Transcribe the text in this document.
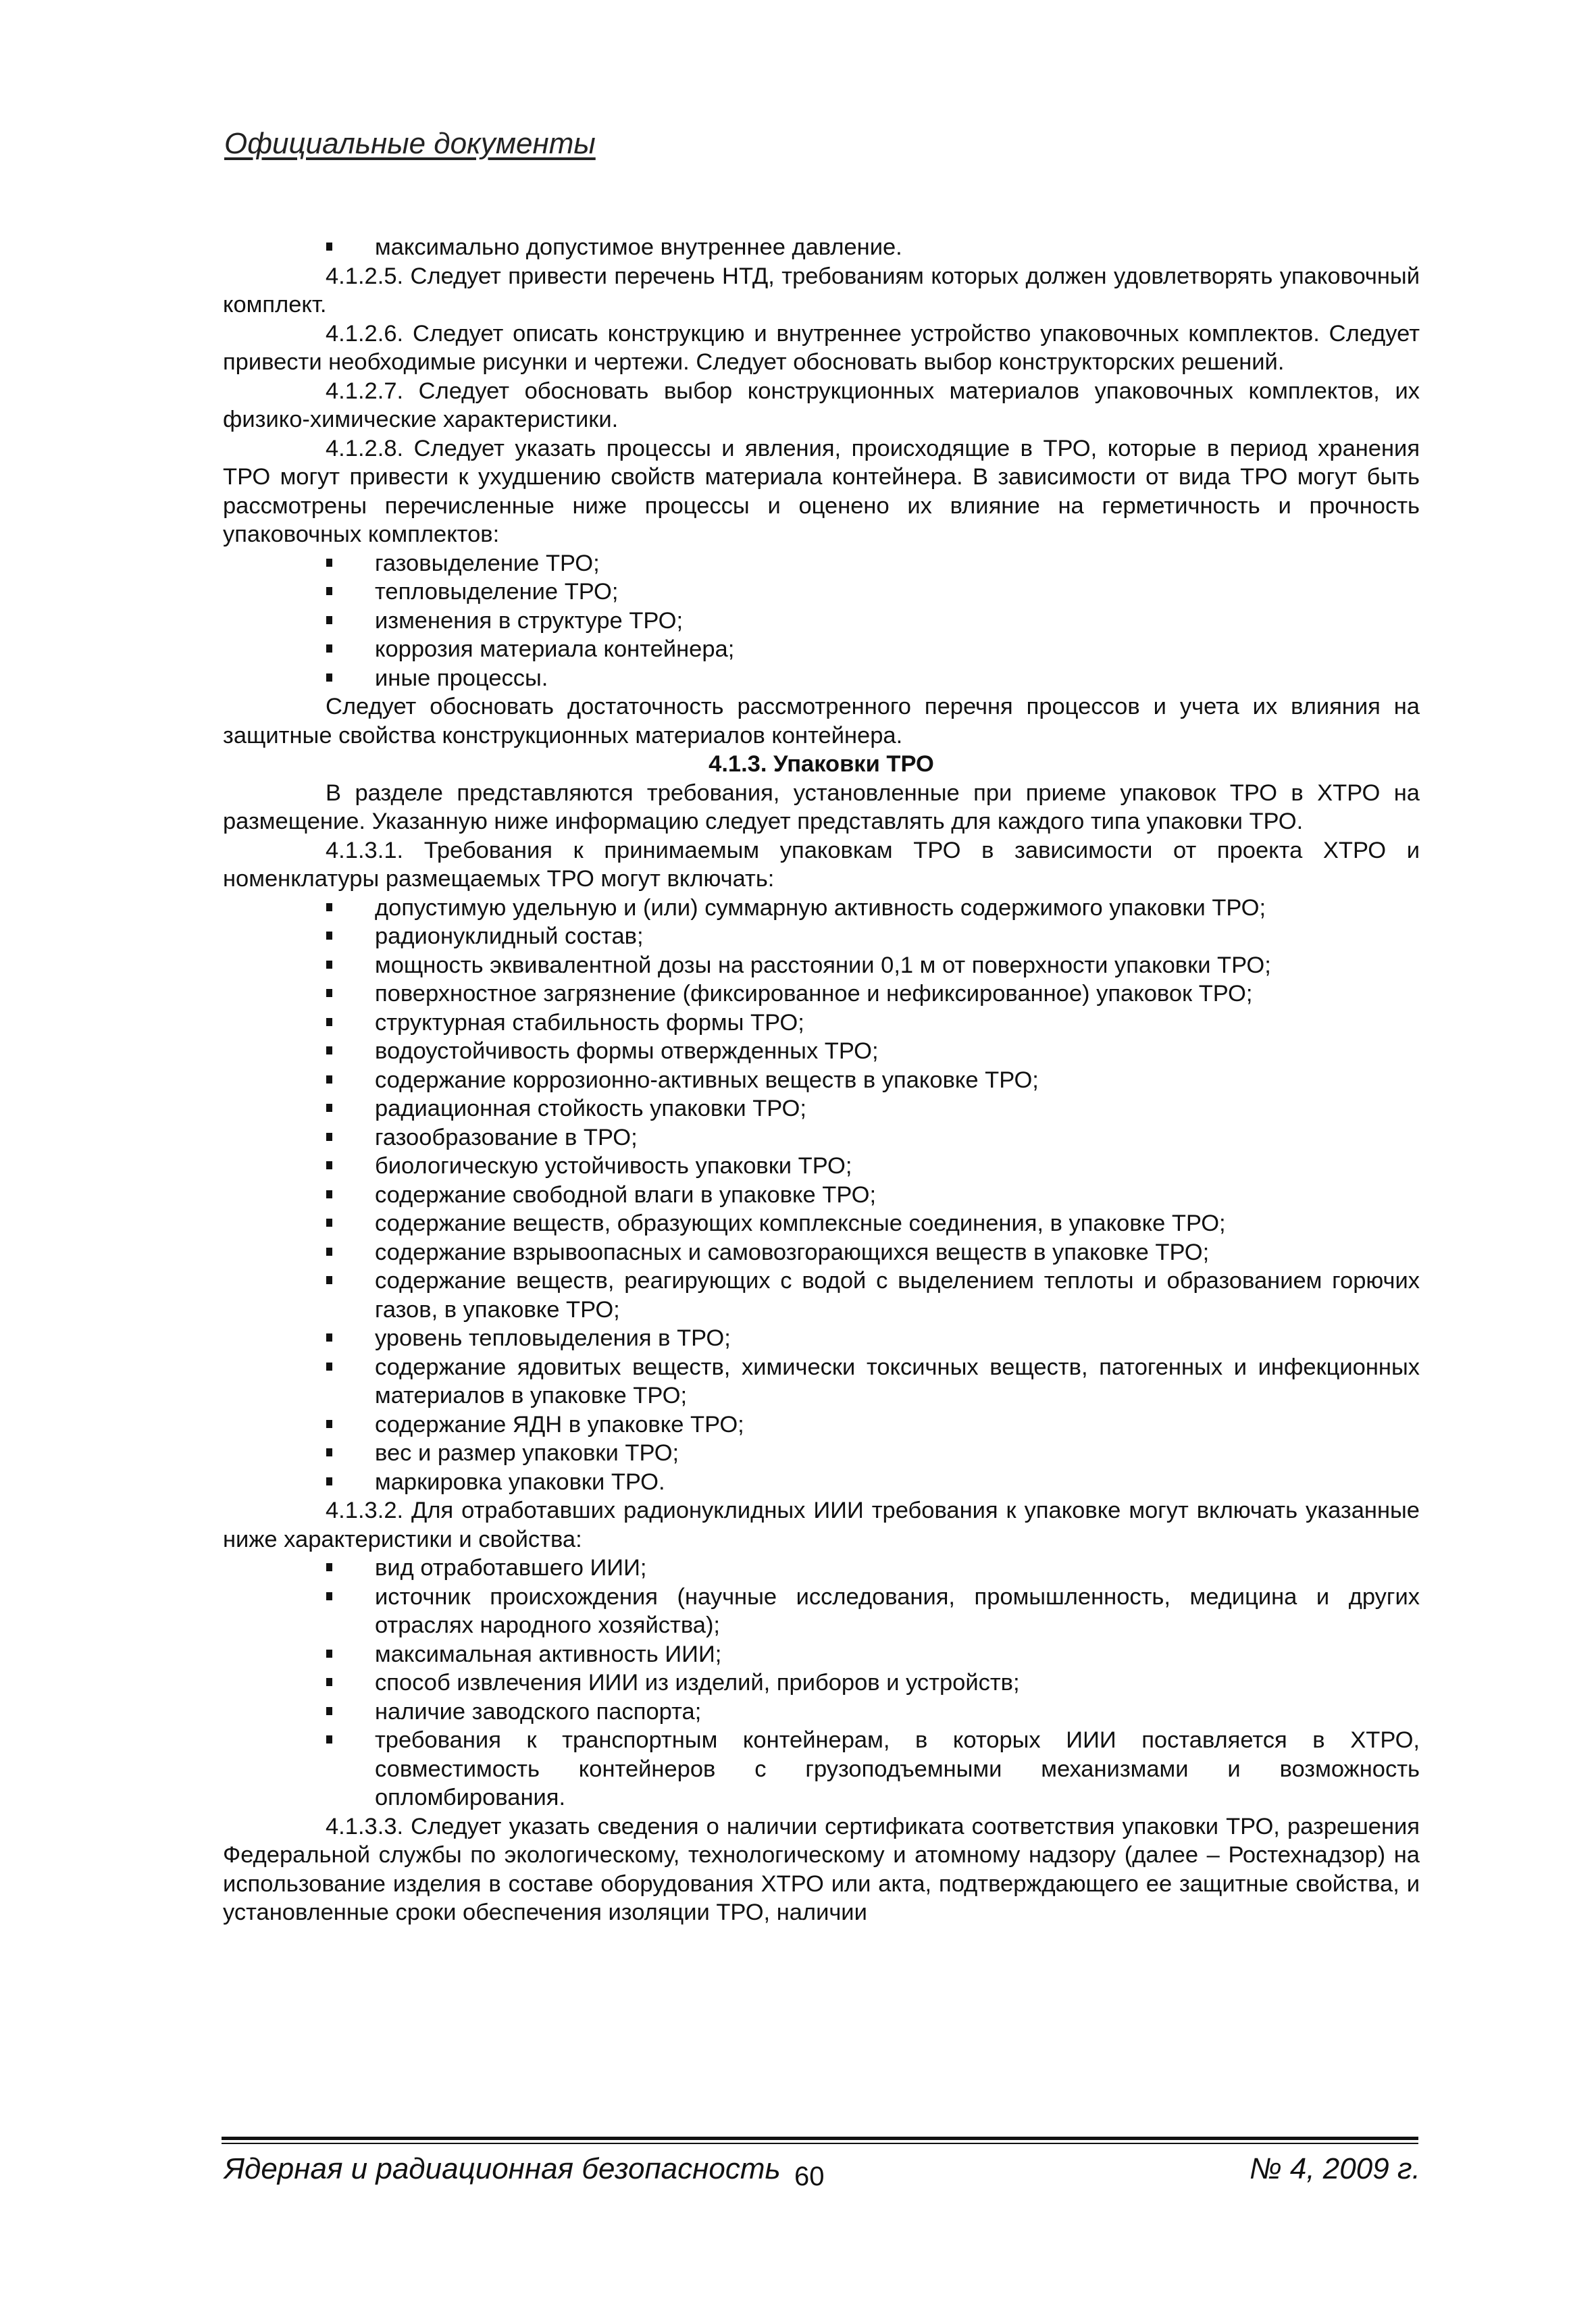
Официальные документы
максимально допустимое внутреннее давление.

4.1.2.5. Следует привести перечень НТД, требованиям которых должен удовлетворять упаковочный комплект.

4.1.2.6. Следует описать конструкцию и внутреннее устройство упаковочных комплектов. Следует привести необходимые рисунки и чертежи. Следует обосновать выбор конструкторских решений.

4.1.2.7. Следует обосновать выбор конструкционных материалов упаковочных комплектов, их физико-химические характеристики.

4.1.2.8. Следует указать процессы и явления, происходящие в ТРО, которые в период хранения ТРО могут привести к ухудшению свойств материала контейнера. В зависимости от вида ТРО могут быть рассмотрены перечисленные ниже процессы и оценено их влияние на герметичность и прочность упаковочных комплектов:

газовыделение ТРО;
тепловыделение ТРО;
изменения в структуре ТРО;
коррозия материала контейнера;
иные процессы.

Следует обосновать достаточность рассмотренного перечня процессов и учета их влияния на защитные свойства конструкционных материалов контейнера.

4.1.3. Упаковки ТРО

В разделе представляются требования, установленные при приеме упаковок ТРО в ХТРО на размещение. Указанную ниже информацию следует представлять для каждого типа упаковки ТРО.

4.1.3.1. Требования к принимаемым упаковкам ТРО в зависимости от проекта ХТРО и номенклатуры размещаемых ТРО могут включать:

допустимую удельную и (или) суммарную активность содержимого упаковки ТРО;
радионуклидный состав;
мощность эквивалентной дозы на расстоянии 0,1 м от поверхности упаковки ТРО;
поверхностное загрязнение (фиксированное и нефиксированное) упаковок ТРО;
структурная стабильность формы ТРО;
водоустойчивость формы отвержденных ТРО;
содержание коррозионно-активных веществ в упаковке ТРО;
радиационная стойкость упаковки ТРО;
газообразование в ТРО;
биологическую устойчивость упаковки ТРО;
содержание свободной влаги в упаковке ТРО;
содержание веществ, образующих комплексные соединения, в упаковке ТРО;
содержание взрывоопасных и самовозгорающихся веществ в упаковке ТРО;
содержание веществ, реагирующих с водой с выделением теплоты и образованием горючих газов, в упаковке ТРО;
уровень тепловыделения в ТРО;
содержание ядовитых веществ, химически токсичных веществ, патогенных и инфекционных материалов в упаковке ТРО;
содержание ЯДН в упаковке ТРО;
вес и размер упаковки ТРО;
маркировка упаковки ТРО.

4.1.3.2. Для отработавших радионуклидных ИИИ требования к упаковке могут включать указанные ниже характеристики и свойства:

вид отработавшего ИИИ;
источник происхождения (научные исследования, промышленность, медицина и других отраслях народного хозяйства);
максимальная активность ИИИ;
способ извлечения ИИИ из изделий, приборов и устройств;
наличие заводского паспорта;
требования к транспортным контейнерам, в которых ИИИ поставляется в ХТРО, совместимость контейнеров с грузоподъемными механизмами и возможность опломбирования.

4.1.3.3. Следует указать сведения о наличии сертификата соответствия упаковки ТРО, разрешения Федеральной службы по экологическому, технологическому и атомному надзору (далее – Ростехнадзор) на использование изделия в составе оборудования ХТРО или акта, подтверждающего ее защитные свойства, и установленные сроки обеспечения изоляции ТРО, наличии

Ядерная и радиационная безопасность 60	№ 4, 2009 г.
